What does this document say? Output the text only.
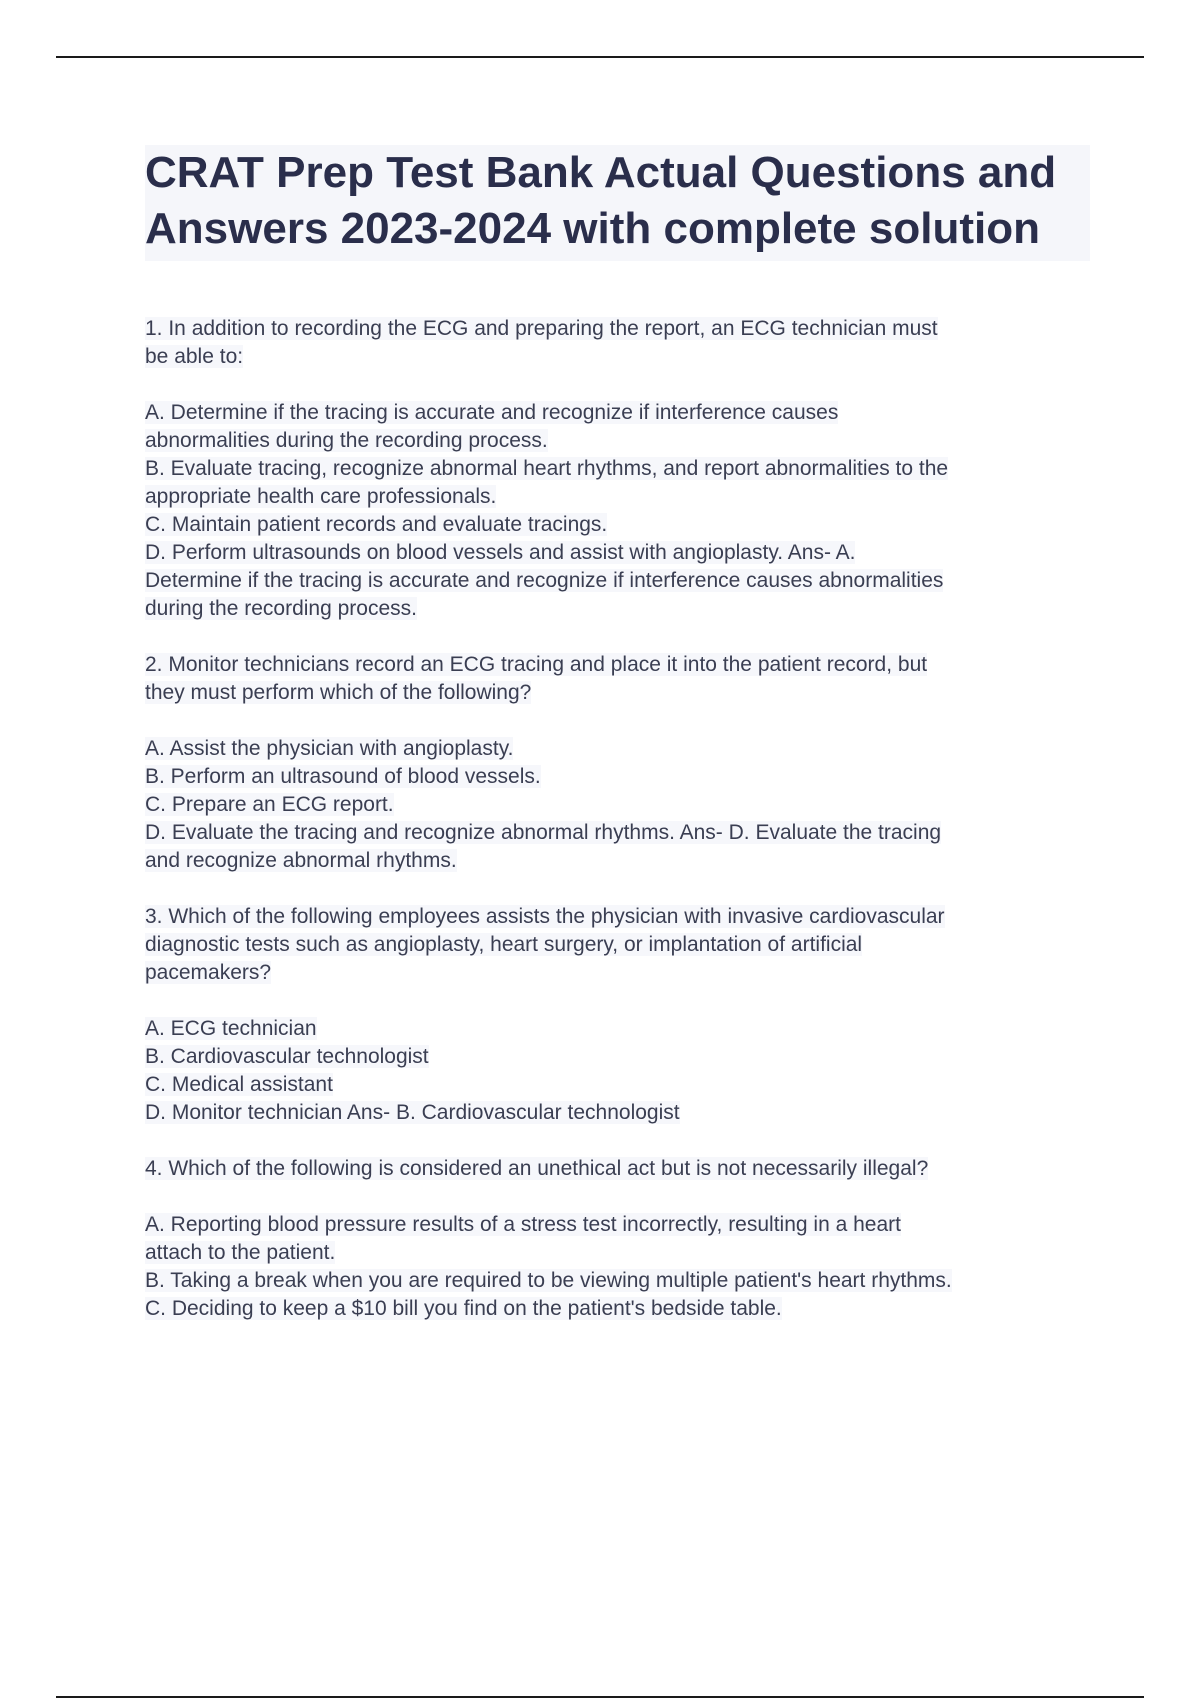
CRAT Prep Test Bank Actual Questions and Answers 2023-2024 with complete solution
1. In addition to recording the ECG and preparing the report, an ECG technician must
be able to:
A. Determine if the tracing is accurate and recognize if interference causes
abnormalities during the recording process.
B. Evaluate tracing, recognize abnormal heart rhythms, and report abnormalities to the
appropriate health care professionals.
C. Maintain patient records and evaluate tracings.
D. Perform ultrasounds on blood vessels and assist with angioplasty. Ans- A.
Determine if the tracing is accurate and recognize if interference causes abnormalities
during the recording process.
2. Monitor technicians record an ECG tracing and place it into the patient record, but
they must perform which of the following?
A. Assist the physician with angioplasty.
B. Perform an ultrasound of blood vessels.
C. Prepare an ECG report.
D. Evaluate the tracing and recognize abnormal rhythms. Ans- D. Evaluate the tracing
and recognize abnormal rhythms.
3. Which of the following employees assists the physician with invasive cardiovascular
diagnostic tests such as angioplasty, heart surgery, or implantation of artificial
pacemakers?
A. ECG technician
B. Cardiovascular technologist
C. Medical assistant
D. Monitor technician Ans- B. Cardiovascular technologist
4. Which of the following is considered an unethical act but is not necessarily illegal?
A. Reporting blood pressure results of a stress test incorrectly, resulting in a heart
attach to the patient.
B. Taking a break when you are required to be viewing multiple patient's heart rhythms.
C. Deciding to keep a $10 bill you find on the patient's bedside table.
